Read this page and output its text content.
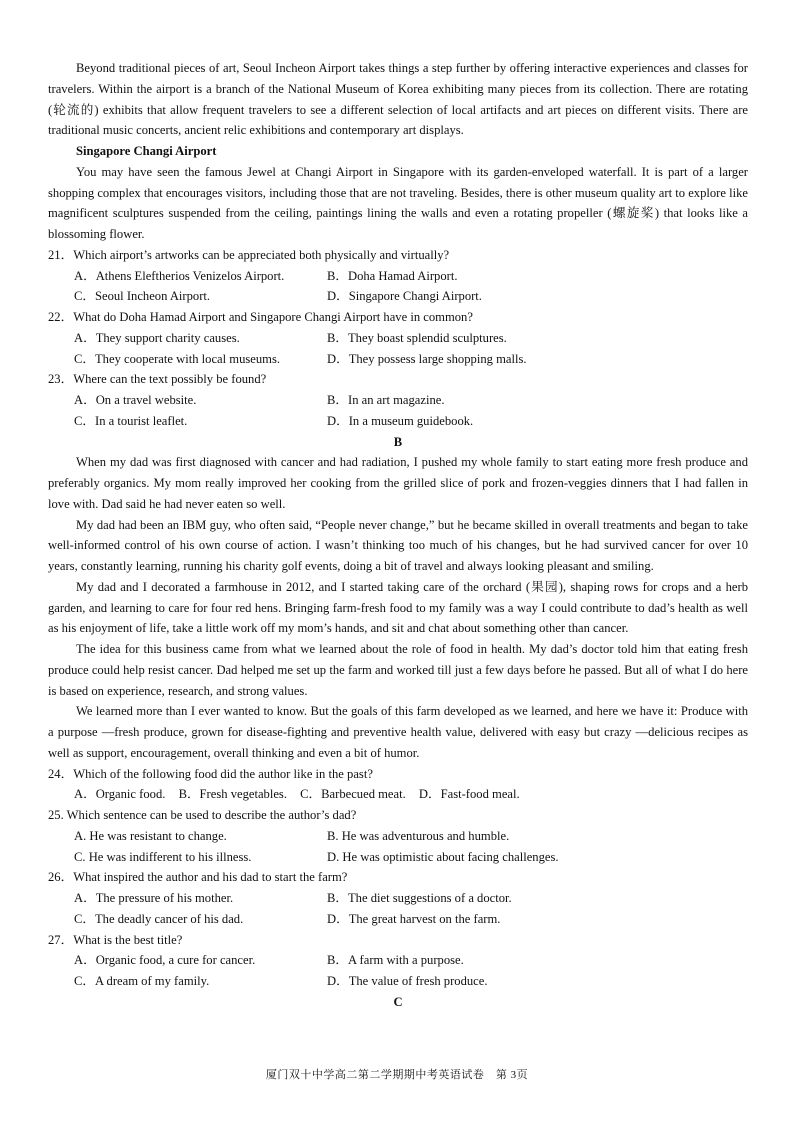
Beyond traditional pieces of art, Seoul Incheon Airport takes things a step further by offering interactive experiences and classes for travelers. Within the airport is a branch of the National Museum of Korea exhibiting many pieces from its collection. There are rotating (轮流的) exhibits that allow frequent travelers to see a different selection of local artifacts and art pieces on different visits. There are traditional music concerts, ancient relic exhibitions and contemporary art displays.

Singapore Changi Airport

You may have seen the famous Jewel at Changi Airport in Singapore with its garden-enveloped waterfall. It is part of a larger shopping complex that encourages visitors, including those that are not traveling. Besides, there is other museum quality art to explore like magnificent sculptures suspended from the ceiling, paintings lining the walls and even a rotating propeller (螺旋桨) that looks like a blossoming flower.

21．Which airport’s artworks can be appreciated both physically and virtually?

A．Athens Eleftherios Venizelos Airport.	B．Doha Hamad Airport.
C．Seoul Incheon Airport.	D．Singapore Changi Airport.

22．What do Doha Hamad Airport and Singapore Changi Airport have in common?

A．They support charity causes.	B．They boast splendid sculptures.
C．They cooperate with local museums.	D．They possess large shopping malls.

23．Where can the text possibly be found?

A．On a travel website.	B．In an art magazine.
C．In a tourist leaflet.	D．In a museum guidebook.

B

When my dad was first diagnosed with cancer and had radiation, I pushed my whole family to start eating more fresh produce and preferably organics. My mom really improved her cooking from the grilled slice of pork and frozen-veggies dinners that I had fallen in love with. Dad said he had never eaten so well.

My dad had been an IBM guy, who often said, “People never change,” but he became skilled in overall treatments and began to take well-informed control of his own course of action. I wasn’t thinking too much of his changes, but he had survived cancer for over 10 years, constantly learning, running his charity golf events, doing a bit of travel and always looking pleasant and smiling.

My dad and I decorated a farmhouse in 2012, and I started taking care of the orchard (果园), shaping rows for crops and a herb garden, and learning to care for four red hens. Bringing farm-fresh food to my family was a way I could contribute to dad’s health as well as his enjoyment of life, take a little work off my mom’s hands, and sit and chat about something other than cancer.

The idea for this business came from what we learned about the role of food in health. My dad’s doctor told him that eating fresh produce could help resist cancer. Dad helped me set up the farm and worked till just a few days before he passed. But all of what I do here is based on experience, research, and strong values.

We learned more than I ever wanted to know. But the goals of this farm developed as we learned, and here we have it: Produce with a purpose —fresh produce, grown for disease-fighting and preventive health value, delivered with easy but crazy —delicious recipes as well as support, encouragement, overall thinking and even a bit of humor.

24．Which of the following food did the author like in the past?

A．Organic food. B．Fresh vegetables. C．Barbecued meat. D．Fast-food meal.

25. Which sentence can be used to describe the author’s dad?

A. He was resistant to change.	B. He was adventurous and humble.
C. He was indifferent to his illness.	D. He was optimistic about facing challenges.

26．What inspired the author and his dad to start the farm?

A．The pressure of his mother.	B．The diet suggestions of a doctor.
C．The deadly cancer of his dad.	D．The great harvest on the farm.

27．What is the best title?

A．Organic food, a cure for cancer.	B．A farm with a purpose.
C．A dream of my family.	D．The value of fresh produce.

C

厦门双十中学高二第二学期期中考英语试卷　第 3页
